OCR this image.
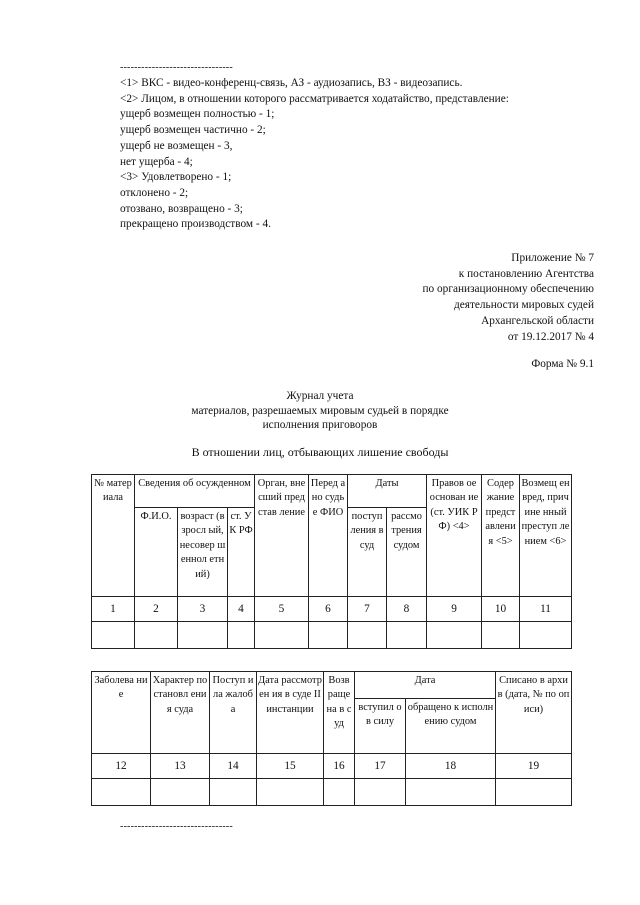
--------------------------------
<1> ВКС - видео-конференц-связь, АЗ - аудиозапись, ВЗ - видеозапись.
<2> Лицом, в отношении которого рассматривается ходатайство, представление:
ущерб возмещен полностью - 1;
ущерб возмещен частично - 2;
ущерб не возмещен - 3,
нет ущерба - 4;
<3> Удовлетворено - 1;
отклонено - 2;
отозвано, возвращено - 3;
прекращено производством - 4.
Приложение № 7
к постановлению Агентства
по организационному обеспечению
деятельности мировых судей
Архангельской области
от 19.12.2017 № 4
Форма № 9.1
Журнал учета
материалов, разрешаемых мировым судьей в порядке
исполнения приговоров
В отношении лиц, отбывающих лишение свободы
№ матер иала	Сведения об осужденном			Орган, внесший представ ление	Перед ано судье ФИО	Даты		Правов ое основан ие (ст. УИК РФ) <4>	Содер жание предст авлени я <5>	Возмещ ен вред, причине нный преступ лением <6>
	Ф.И.О.	возраст (взросл ый, несовер шеннол етний)	ст. УК РФ			поступ ления в суд	рассмо трения судом			
1	2	3	4	5	6	7	8	9	10	11

Заболева ние	Характер постановл ения суда	Поступ ила жалоба	Дата рассмотрен ия в суде II инстанции	Возв раще на в суд	Дата		Списано в архив (дата, № по описи)
					вступил о в силу	обращено к исполнению судом	
12	13	14	15	16	17	18	19

--------------------------------
